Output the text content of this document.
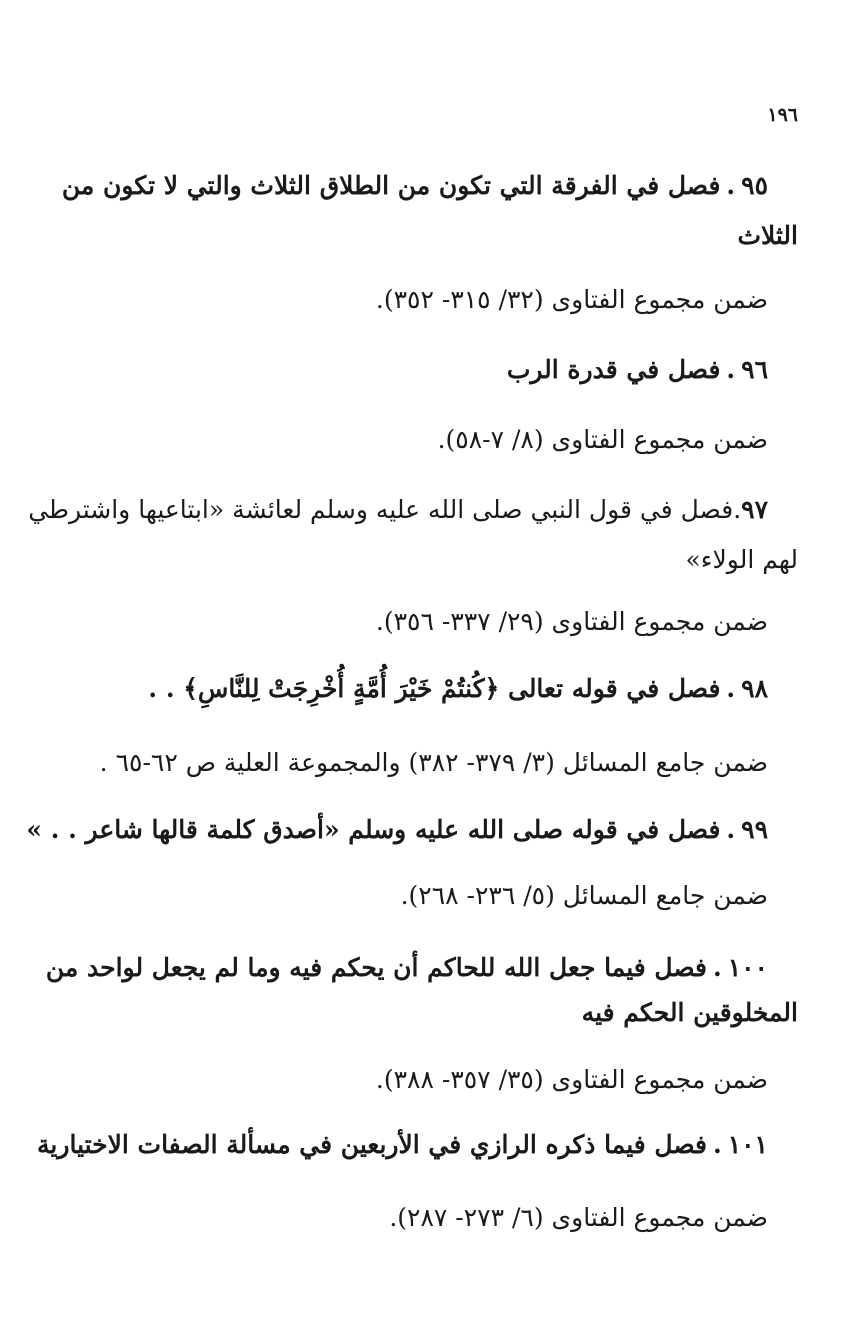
١٩٦
٩٥.فصل في الفرقة التي تكون من الطلاق الثلاث والتي لا تكون من
الثلاث
ضمن مجموع الفتاوى (٣٢/ ٣١٥- ٣٥٢).
٩٦.فصل في قدرة الرب
ضمن مجموع الفتاوى (٨/ ٧-٥٨).
٩٧.فصل في قول النبي صلى الله عليه وسلم لعائشة «ابتاعيها واشترطي
لهم الولاء»
ضمن مجموع الفتاوى (٢٩/ ٣٣٧- ٣٥٦).
٩٨.فصل في قوله تعالى ﴿كُنتُمْ خَيْرَ أُمَّةٍ أُخْرِجَتْ لِلنَّاسِ﴾ . .
ضمن جامع المسائل (٣/ ٣٧٩- ٣٨٢) والمجموعة العلية ص ٦٢-٦٥ .
٩٩.فصل في قوله صلى الله عليه وسلم «أصدق كلمة قالها شاعر . . »
ضمن جامع المسائل (٥/ ٢٣٦- ٢٦٨).
١٠٠.فصل فيما جعل الله للحاكم أن يحكم فيه وما لم يجعل لواحد من
المخلوقين الحكم فيه
ضمن مجموع الفتاوى (٣٥/ ٣٥٧- ٣٨٨).
١٠١.فصل فيما ذكره الرازي في الأربعين في مسألة الصفات الاختيارية
ضمن مجموع الفتاوى (٦/ ٢٧٣- ٢٨٧).
